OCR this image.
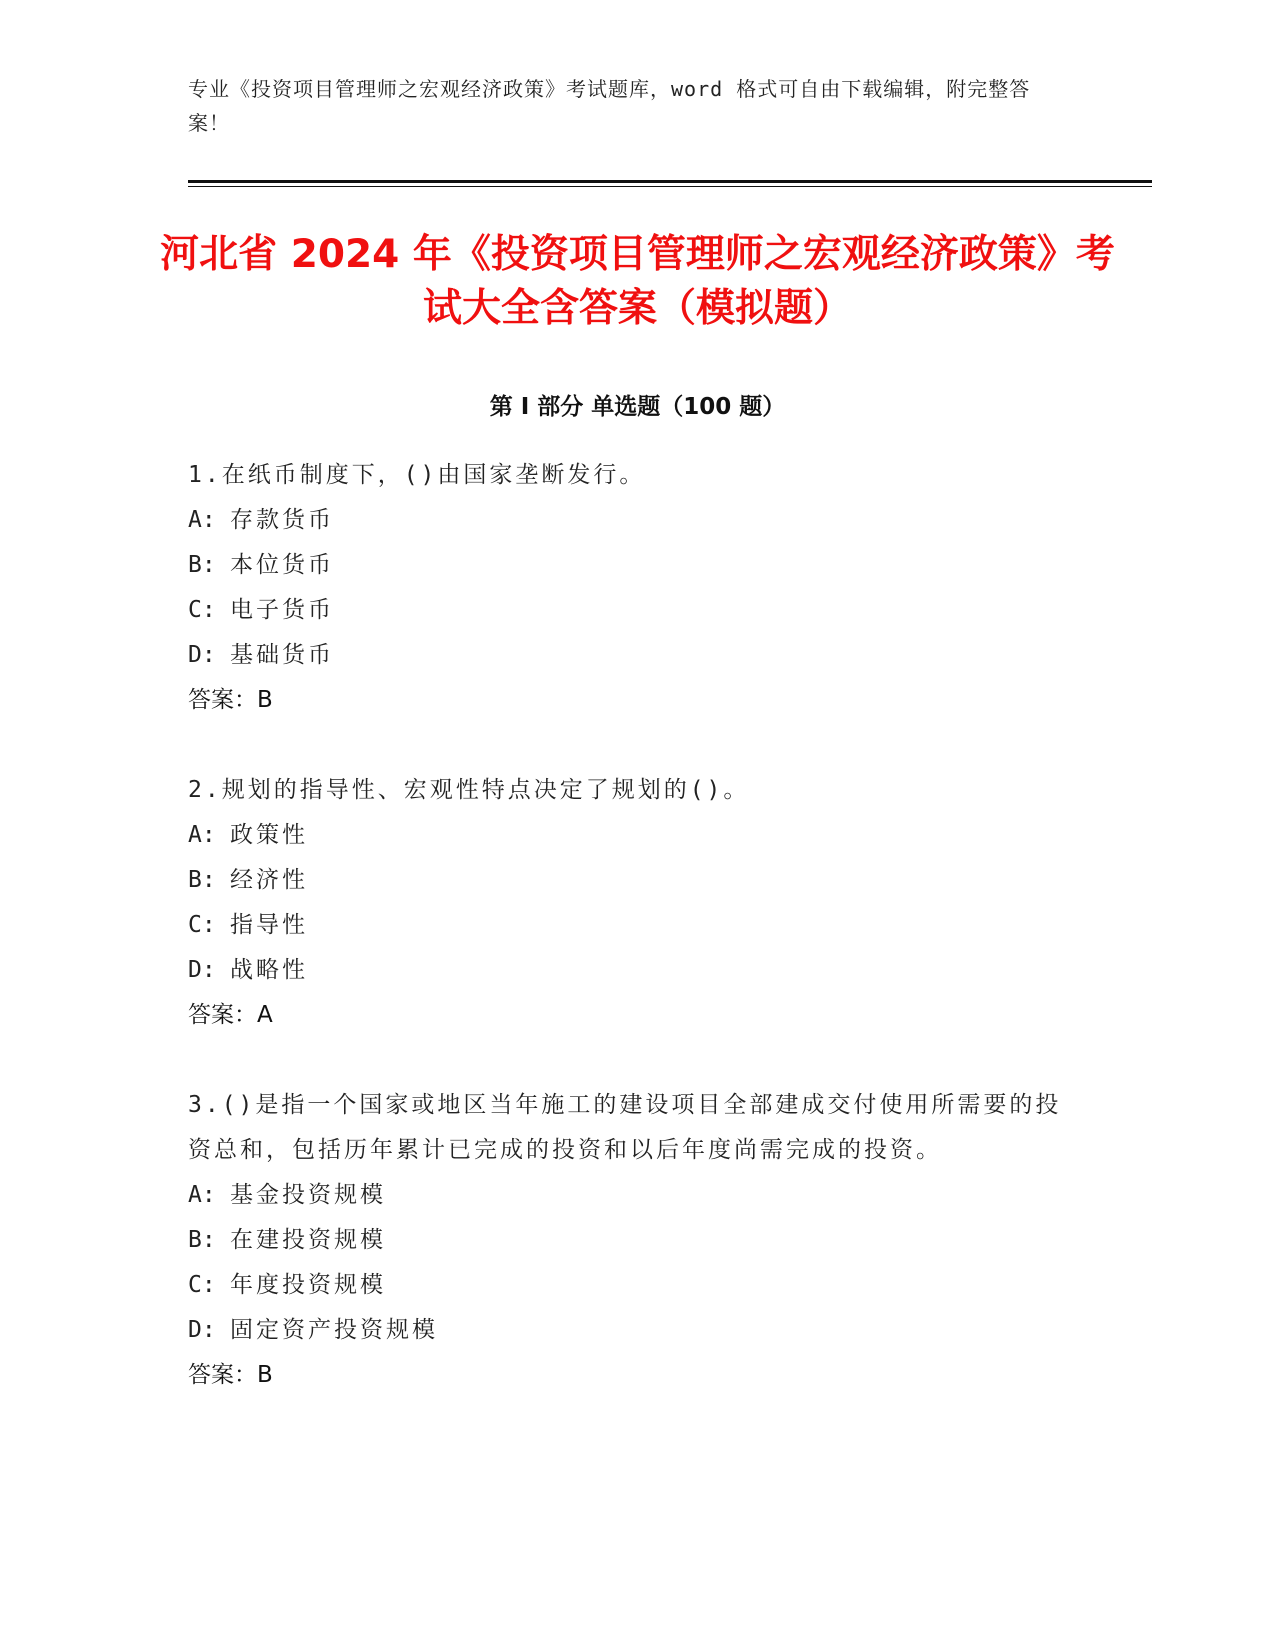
专业《投资项目管理师之宏观经济政策》考试题库，word 格式可自由下载编辑，附完整答案！
河北省 2024 年《投资项目管理师之宏观经济政策》考试大全含答案（模拟题）
第 I 部分 单选题（100 题）
1.在纸币制度下，()由国家垄断发行。
A: 存款货币
B: 本位货币
C: 电子货币
D: 基础货币
答案：B
2.规划的指导性、宏观性特点决定了规划的()。
A: 政策性
B: 经济性
C: 指导性
D: 战略性
答案：A
3.()是指一个国家或地区当年施工的建设项目全部建成交付使用所需要的投资总和，包括历年累计已完成的投资和以后年度尚需完成的投资。
A: 基金投资规模
B: 在建投资规模
C: 年度投资规模
D: 固定资产投资规模
答案：B
